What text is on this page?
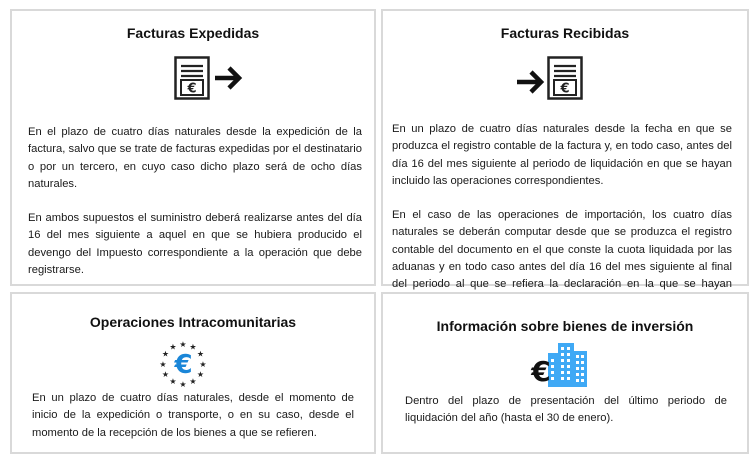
Facturas Expedidas
€

En el plazo de cuatro días naturales desde la expedición de la factura, salvo que se trate de facturas expedidas por el destinatario o por un tercero, en cuyo caso dicho plazo será de ocho días naturales.

En ambos supuestos el suministro deberá realizarse antes del día 16 del mes siguiente a aquel en que se hubiera producido el devengo del Impuesto correspondiente a la operación que debe registrarse.

Facturas Recibidas
€

En un plazo de cuatro días naturales desde la fecha en que se produzca el registro contable de la factura y, en todo caso, antes del día 16 del mes siguiente al periodo de liquidación en que se hayan incluido las operaciones correspondientes.

En el caso de las operaciones de importación, los cuatro días naturales se deberán computar desde que se produzca el registro contable del documento en el que conste la cuota liquidada por las aduanas y en todo caso antes del día 16 del mes siguiente al final del periodo al que se refiera la declaración en la que se hayan

Operaciones Intracomunitarias
★ ★
★
★
★
★
★
★
★
★
★
★
€

En un plazo de cuatro días naturales, desde el momento de inicio de la expedición o transporte, o en su caso, desde el momento de la recepción de los bienes a que se refieren.

Información sobre bienes de inversión
€

Dentro del plazo de presentación del último periodo de liquidación del año (hasta el 30 de enero).
